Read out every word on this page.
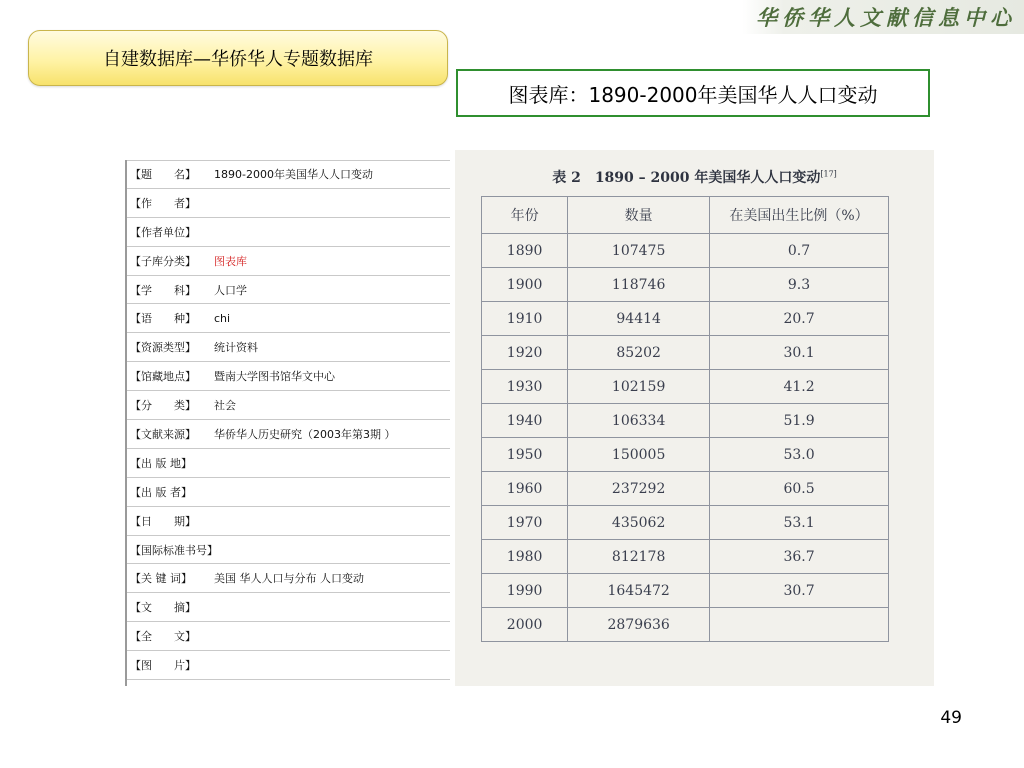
华侨华人文献信息中心
自建数据库—华侨华人专题数据库
图表库：1890-2000年美国华人人口变动
【题　　名】	1890-2000年美国华人人口变动
【作　　者】
【作者单位】
【子库分类】	图表库
【学　　科】	人口学
【语　　种】	chi
【资源类型】	统计资料
【馆藏地点】	暨南大学图书馆华文中心
【分　　类】	社会
【文献来源】	华侨华人历史研究（2003年第3期 ）
【出 版 地】
【出 版 者】
【日　　期】
【国际标准书号】
【关 键 词】	美国 华人人口与分布 人口变动
【文　　摘】
【全　　文】
【图　　片】
表 2　1890 – 2000 年美国华人人口变动[17]
年份	数量	在美国出生比例（%）
1890	107475	0.7
1900	118746	9.3
1910	94414	20.7
1920	85202	30.1
1930	102159	41.2
1940	106334	51.9
1950	150005	53.0
1960	237292	60.5
1970	435062	53.1
1980	812178	36.7
1990	1645472	30.7
2000	2879636	
49
